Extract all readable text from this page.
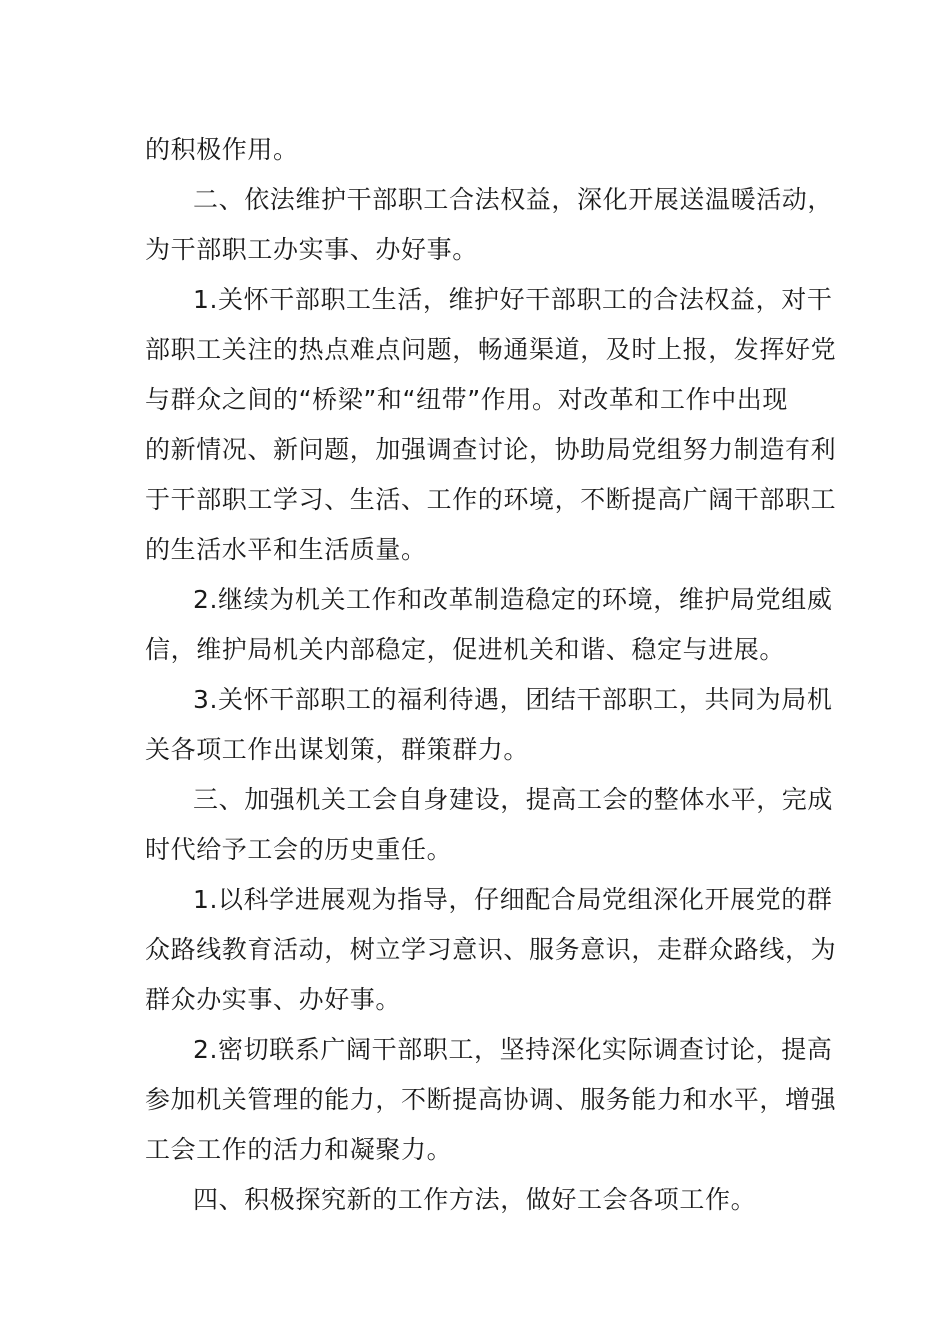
的积极作用。
二、依法维护干部职工合法权益，深化开展送温暖活动，
为干部职工办实事、办好事。
1.关怀干部职工生活，维护好干部职工的合法权益，对干
部职工关注的热点难点问题，畅通渠道，及时上报，发挥好党
与群众之间的“桥梁”和“纽带”作用。对改革和工作中出现
的新情况、新问题，加强调查讨论，协助局党组努力制造有利
于干部职工学习、生活、工作的环境，不断提高广阔干部职工
的生活水平和生活质量。
2.继续为机关工作和改革制造稳定的环境，维护局党组威
信，维护局机关内部稳定，促进机关和谐、稳定与进展。
3.关怀干部职工的福利待遇，团结干部职工，共同为局机
关各项工作出谋划策，群策群力。
三、加强机关工会自身建设，提高工会的整体水平，完成
时代给予工会的历史重任。
1.以科学进展观为指导，仔细配合局党组深化开展党的群
众路线教育活动，树立学习意识、服务意识，走群众路线，为
群众办实事、办好事。
2.密切联系广阔干部职工，坚持深化实际调查讨论，提高
参加机关管理的能力，不断提高协调、服务能力和水平，增强
工会工作的活力和凝聚力。
四、积极探究新的工作方法，做好工会各项工作。
